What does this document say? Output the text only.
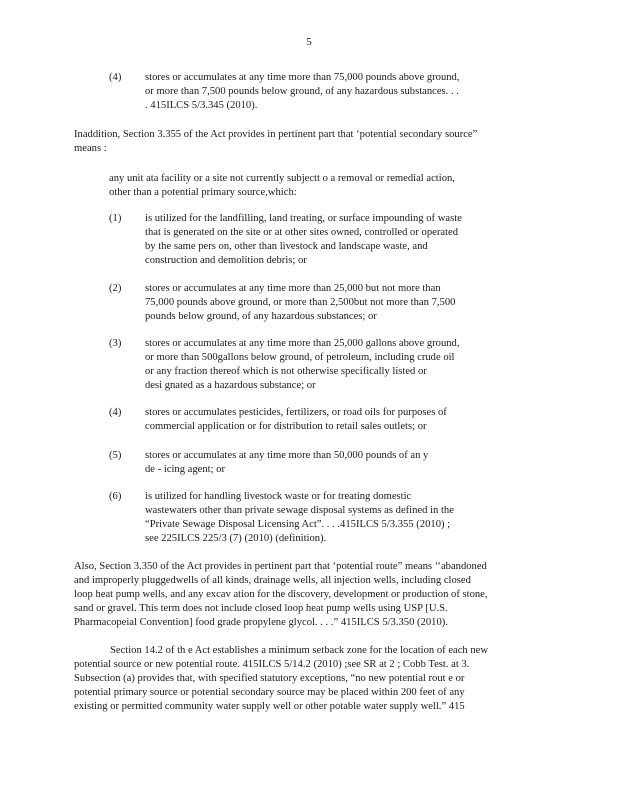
5
(4) stores or accumulates at any time more than 75,000 pounds above ground,
or more than 7,500 pounds below ground, of any hazardous substances. . .
. 415ILCS 5/3.345 (2010).
Inaddition, Section 3.355 of the Act provides in pertinent part that ‘potential secondary source”
means :
any unit ata facility or a site not currently subjectt o a removal or remedial action,
other than a potential primary source,which:
(1) is utilized for the landfilling, land treating, or surface impounding of waste
that is generated on the site or at other sites owned, controlled or operated
by the same pers on, other than livestock and landscape waste, and
construction and demolition debris; or
(2) stores or accumulates at any time more than 25,000 but not more than
75,000 pounds above ground, or more than 2,500but not more than 7,500
pounds below ground, of any hazardous substances; or
(3) stores or accumulates at any time more than 25,000 gallons above ground,
or more than 500gallons below ground, of petroleum, including crude oil
or any fraction thereof which is not otherwise specifically listed or
desi gnated as a hazardous substance; or
(4) stores or accumulates pesticides, fertilizers, or road oils for purposes of
commercial application or for distribution to retail sales outlets; or
(5) stores or accumulates at any time more than 50,000 pounds of an y
de - icing agent; or
(6) is utilized for handling livestock waste or for treating domestic
wastewaters other than private sewage disposal systems as defined in the
“Private Sewage Disposal Licensing Act”. . . .415ILCS 5/3.355 (2010) ;
see 225ILCS 225/3 (7) (2010) (definition).
Also, Section 3.350 of the Act provides in pertinent part that ‘potential route” means ‘‘abandoned
and improperly pluggedwells of all kinds, drainage wells, all injection wells, including closed
loop heat pump wells, and any excav ation for the discovery, development or production of stone,
sand or gravel. This term does not include closed loop heat pump wells using USP [U.S.
Pharmacopeial Convention] food grade propylene glycol. . . .” 415ILCS 5/3.350 (2010).
Section 14.2 of th e Act establishes a minimum setback zone for the location of each new
potential source or new potential route. 415ILCS 5/14.2 (2010) ;see SR at 2 ; Cobb Test. at 3.
Subsection (a) provides that, with specified statutory exceptions, “no new potential rout e or
potential primary source or potential secondary source may be placed within 200 feet of any
existing or permitted community water supply well or other potable water supply well.” 415
